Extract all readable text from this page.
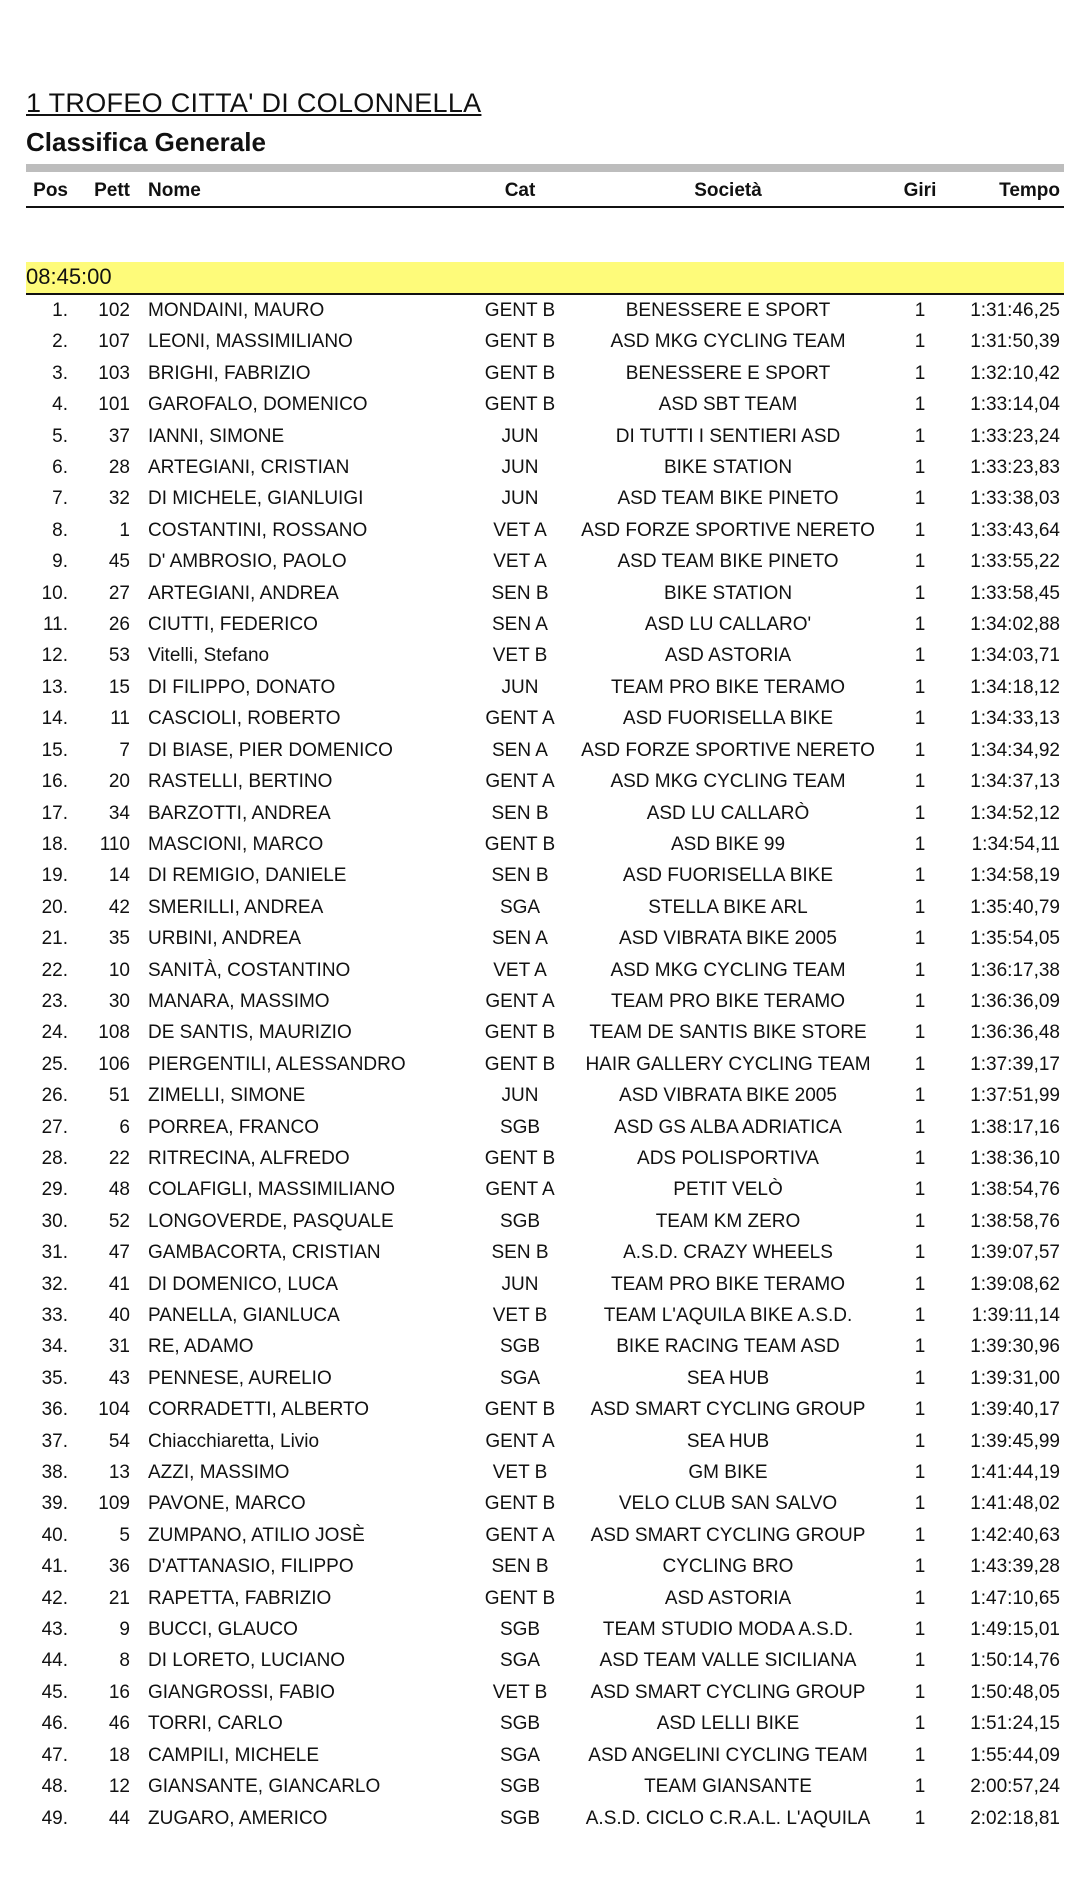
1 TROFEO CITTA' DI COLONNELLA
Classifica Generale
Pos	Pett Nome	Cat	Società	Giri	Tempo
08:45:00
1.	102 MONDAINI, MAURO	GENT B	BENESSERE E SPORT	1	1:31:46,25
2.	107 LEONI, MASSIMILIANO	GENT B	ASD MKG CYCLING TEAM	1	1:31:50,39
3.	103 BRIGHI, FABRIZIO	GENT B	BENESSERE E SPORT	1	1:32:10,42
4.	101 GAROFALO, DOMENICO	GENT B	ASD SBT TEAM	1	1:33:14,04
5.	37 IANNI, SIMONE	JUN	DI TUTTI I SENTIERI ASD	1	1:33:23,24
6.	28 ARTEGIANI, CRISTIAN	JUN	BIKE STATION	1	1:33:23,83
7.	32 DI MICHELE, GIANLUIGI	JUN	ASD TEAM BIKE PINETO	1	1:33:38,03
8.	1 COSTANTINI, ROSSANO	VET A	ASD FORZE SPORTIVE NERETO	1	1:33:43,64
9.	45 D' AMBROSIO, PAOLO	VET A	ASD TEAM BIKE PINETO	1	1:33:55,22
10.	27 ARTEGIANI, ANDREA	SEN B	BIKE STATION	1	1:33:58,45
11.	26 CIUTTI, FEDERICO	SEN A	ASD LU CALLARO'	1	1:34:02,88
12.	53 Vitelli, Stefano	VET B	ASD ASTORIA	1	1:34:03,71
13.	15 DI FILIPPO, DONATO	JUN	TEAM PRO BIKE TERAMO	1	1:34:18,12
14.	11 CASCIOLI, ROBERTO	GENT A	ASD FUORISELLA BIKE	1	1:34:33,13
15.	7 DI BIASE, PIER DOMENICO	SEN A	ASD FORZE SPORTIVE NERETO	1	1:34:34,92
16.	20 RASTELLI, BERTINO	GENT A	ASD MKG CYCLING TEAM	1	1:34:37,13
17.	34 BARZOTTI, ANDREA	SEN B	ASD LU CALLARÒ	1	1:34:52,12
18.	110 MASCIONI, MARCO	GENT B	ASD BIKE 99	1	1:34:54,11
19.	14 DI REMIGIO, DANIELE	SEN B	ASD FUORISELLA BIKE	1	1:34:58,19
20.	42 SMERILLI, ANDREA	SGA	STELLA BIKE ARL	1	1:35:40,79
21.	35 URBINI, ANDREA	SEN A	ASD VIBRATA BIKE 2005	1	1:35:54,05
22.	10 SANITÀ, COSTANTINO	VET A	ASD MKG CYCLING TEAM	1	1:36:17,38
23.	30 MANARA, MASSIMO	GENT A	TEAM PRO BIKE TERAMO	1	1:36:36,09
24.	108 DE SANTIS, MAURIZIO	GENT B	TEAM DE SANTIS BIKE STORE	1	1:36:36,48
25.	106 PIERGENTILI, ALESSANDRO	GENT B	HAIR GALLERY CYCLING TEAM	1	1:37:39,17
26.	51 ZIMELLI, SIMONE	JUN	ASD VIBRATA BIKE 2005	1	1:37:51,99
27.	6 PORREA, FRANCO	SGB	ASD GS ALBA ADRIATICA	1	1:38:17,16
28.	22 RITRECINA, ALFREDO	GENT B	ADS POLISPORTIVA	1	1:38:36,10
29.	48 COLAFIGLI, MASSIMILIANO	GENT A	PETIT VELÒ	1	1:38:54,76
30.	52 LONGOVERDE, PASQUALE	SGB	TEAM KM ZERO	1	1:38:58,76
31.	47 GAMBACORTA, CRISTIAN	SEN B	A.S.D. CRAZY WHEELS	1	1:39:07,57
32.	41 DI DOMENICO, LUCA	JUN	TEAM PRO BIKE TERAMO	1	1:39:08,62
33.	40 PANELLA, GIANLUCA	VET B	TEAM L'AQUILA BIKE A.S.D.	1	1:39:11,14
34.	31 RE, ADAMO	SGB	BIKE RACING TEAM ASD	1	1:39:30,96
35.	43 PENNESE, AURELIO	SGA	SEA HUB	1	1:39:31,00
36.	104 CORRADETTI, ALBERTO	GENT B	ASD SMART CYCLING GROUP	1	1:39:40,17
37.	54 Chiacchiaretta, Livio	GENT A	SEA HUB	1	1:39:45,99
38.	13 AZZI, MASSIMO	VET B	GM BIKE	1	1:41:44,19
39.	109 PAVONE, MARCO	GENT B	VELO CLUB SAN SALVO	1	1:41:48,02
40.	5 ZUMPANO, ATILIO JOSÈ	GENT A	ASD SMART CYCLING GROUP	1	1:42:40,63
41.	36 D'ATTANASIO, FILIPPO	SEN B	CYCLING BRO	1	1:43:39,28
42.	21 RAPETTA, FABRIZIO	GENT B	ASD ASTORIA	1	1:47:10,65
43.	9 BUCCI, GLAUCO	SGB	TEAM STUDIO MODA A.S.D.	1	1:49:15,01
44.	8 DI LORETO, LUCIANO	SGA	ASD TEAM VALLE SICILIANA	1	1:50:14,76
45.	16 GIANGROSSI, FABIO	VET B	ASD SMART CYCLING GROUP	1	1:50:48,05
46.	46 TORRI, CARLO	SGB	ASD LELLI BIKE	1	1:51:24,15
47.	18 CAMPILI, MICHELE	SGA	ASD ANGELINI CYCLING TEAM	1	1:55:44,09
48.	12 GIANSANTE, GIANCARLO	SGB	TEAM GIANSANTE	1	2:00:57,24
49.	44 ZUGARO, AMERICO	SGB	A.S.D. CICLO C.R.A.L. L'AQUILA	1	2:02:18,81
